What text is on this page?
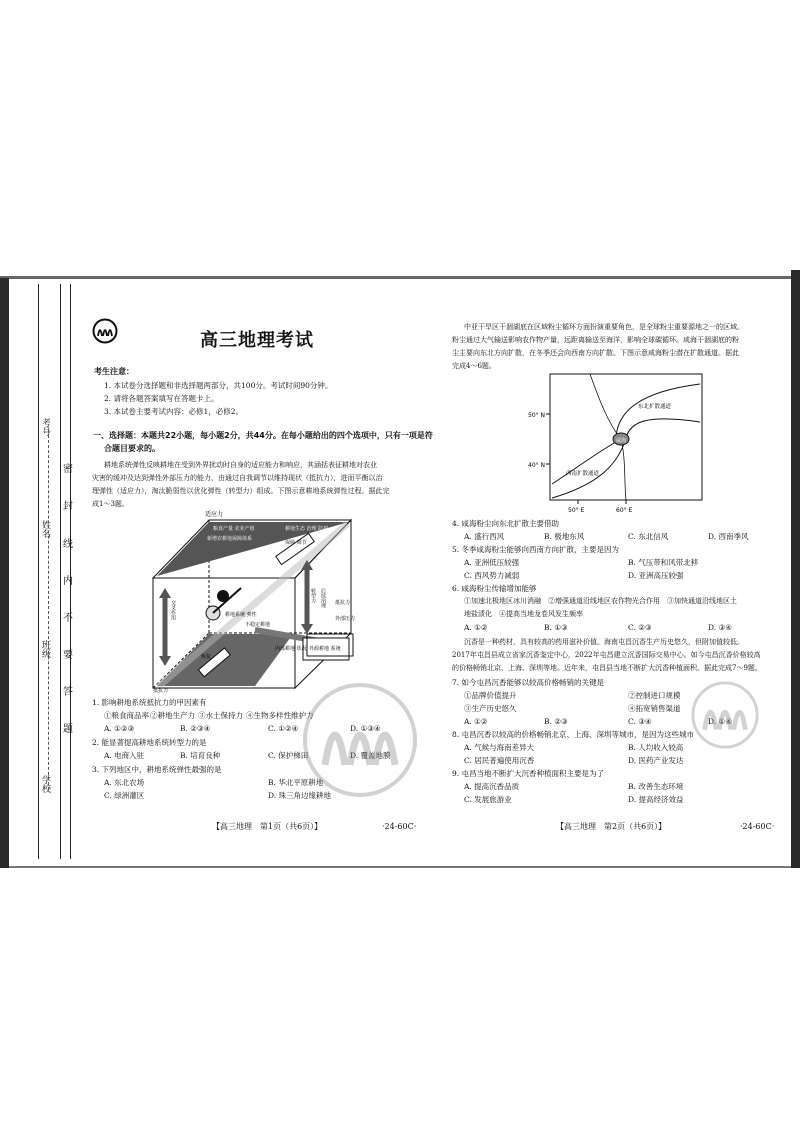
考号
姓名
班级
学校
密
封
线
内
不
要
答
题
高三地理考试
考生注意：
1. 本试卷分选择题和非选择题两部分，共100分。考试时间90分钟。
2. 请将各题答案填写在答题卡上。
3. 本试卷主要考试内容：必修1，必修2。
一、选择题：本题共22小题，每小题2分，共44分。在每小题给出的四个选项中，只有一项是符
合题目要求的。
耕地系统弹性反映耕地在受到外界扰动时自身的适应能力和响应，其涵括表征耕地对农业
灾害的缓冲及达到弹性外部压力的能力，由通过自我调节以维持现状（抵抗力），进而平衡以治
理弹性（适应力），淘汰脆弱性以优化弹性（转型力）组成。下图示意耕地系统弹性过程。据此完
成1～3题。
适应力
新增农耕地保障体系
粮食产量 农业产值	耕地生态 治理 防控
转型力 后续治理
交叉作用	耕地系统 弹性
不稳定耕地
外源耕地 系统
外部压力
内部耕地 状况
保障 调节
恢复
抵抗力
抵抗力
1. 影响耕地系统抵抗力的甲因素有
①粮食商品率 ②耕地生产力 ③水土保持力 ④生物多样性维护力
A. ①②③	B. ②③④	C. ①②④	D. ①③④
2. 能显著提高耕地系统转型力的是
A. 电商入驻	B. 培育良种	C. 保护梯田	D. 覆盖地膜
3. 下列地区中，耕地系统弹性最强的是
A. 东北农场	B. 华北平原耕地
C. 绿洲灌区	D. 珠三角边缘耕地
【高三地理　第1页（共6页）】	·24-60C·
中亚干旱区干涸湖底在区域粉尘循环方面扮演重要角色，是全球粉尘重要源地之一的区域。
粉尘通过大气输送影响农作物产量，远距离输送至海洋，影响全球碳循环。咸海干涸湖底的粉
尘主要向东北方向扩散，在冬季还会向西南方向扩散。下图示意咸海粉尘潜在扩散通道。据此
完成4～6题。
50° N
40° N
50° E	60° E
东北扩散通道
西南扩散通道
咸海
4. 咸海粉尘向东北扩散主要借助
A. 盛行西风	B. 极地东风	C. 东北信风	D. 西南季风
5. 冬季咸海粉尘能够向西南方向扩散，主要是因为
A. 亚洲低压较强	B. 气压带和风带北移
C. 西风势力减弱	D. 亚洲高压较强
6. 咸海粉尘传输增加能够
①加速北极地区冰川消融　②增强通道沿线地区农作物光合作用　③加快通道沿线地区土
地盐渍化　④提高当地龙卷风发生频率
A. ①②	B. ①③	C. ②③	D. ③④
沉香是一种药材，具有较高的药用滋补价值。海南屯昌沉香生产历史悠久，但附加值较低。
2017年屯昌县成立省家沉香鉴定中心，2022年屯昌建立沉香国际交易中心。如今屯昌沉香价格较高
的价格畅销北京、上海、深圳等地。近年来，屯昌县当地不断扩大沉香种植面积。据此完成7～9题。
7. 如今屯昌沉香能够以较高价格畅销的关键是
①品牌价值提升	②控制进口规模
③生产历史悠久	④拓宽销售渠道
A. ①②	B. ②③	C. ③④	D. ①④
8. 屯昌沉香以较高的价格畅销北京、上海、深圳等城市，是因为这些城市
A. 气候与海南差异大	B. 人均收入较高
C. 居民普遍使用沉香	D. 医药产业发达
9. 屯昌当地不断扩大沉香种植面积主要是为了
A. 提高沉香品质	B. 改善生态环境
C. 发展旅游业	D. 提高经济效益
【高三地理　第2页（共6页）】	·24-60C·
